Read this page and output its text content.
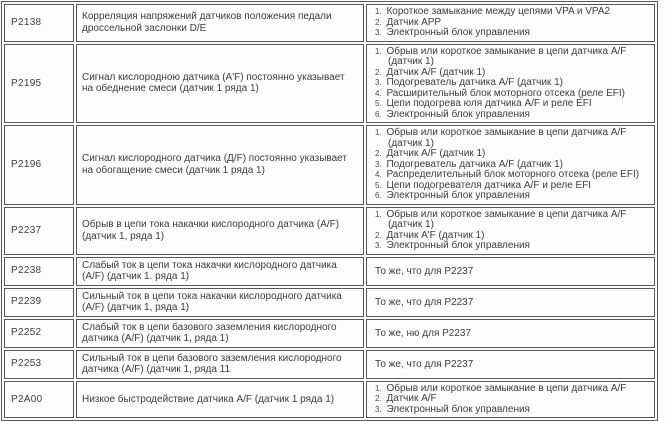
P2138	Корреляция напряжений датчиков положения педали дроссельной заслонки D/E	1. Короткое замыкание между цепями VPA и VPA2
2. Датчик APP
3. Электронный блок управления

P2195	Сигнал кислородною датчика (A'F) постоянно указывает на обеднение смеси (датчик 1 ряда 1)	
1. Обрыв или короткое замыкание в цепи датчика A/F (датчик 1)
2. Датчик A/F (датчик 1)
3. Подогреватель датчика A/F (датчик 1)
4. Расширительный блок моторного отсека (реле EFI)
5. Цепи подогрева юля датчика A/F и реле EFI
6. Электронный блок управления

P2196	Сигнал кислородного датчика (Д/F) постоянно указывает на обогащение смеси (датчик 1 ряда 1)	
1. Обрыв или короткое замыкание в цепи датчика A/F (датчик 1)
2. Датчик A/F (датчик 1)
3. Подогреватель датчика A/F (датчик 1)
4. Распределительный блок моторного отсека (реле EFI)
5. Цепи подогревателя датчика A/F и реле EFI
6. Электронный блок управления

P2237	Обрыв в цепи тока накачки кислородного датчика (A/F) (датчик 1, ряда 1)	1. Обрыв или короткое замыкание в цепи датчика A/F (датчик 1)
2. Датчик A'F (датчик 1)
3. Электронный блок управления

P2238	Слабый ток в цепи тока накачки кислородного датчика (A/F) (датчик 1. ряда 1)	То же, что для P2237

P2239	Сильный ток в цепи тока накачки кислородного датчика (A/F) (датчик 1, ряда 1)	То же, что для P2237

P2252	Слабый ток в цепи базового заземления кислородного датчика (A/F) (датчик 1, ряда 1)	То же, ню для P2237

P2253	Сильный ток в цепи базового заземления кислородного датчика (A/F) (датчик 1, ряда 11	То же, что для P2237

P2A00	Низкое быстродействие датчика A/F (датчик 1 ряда 1)	1. Обрыв или короткое замыкание в цепи датчика A/F
2. Датчик A/F
3. Электронный блок управления
